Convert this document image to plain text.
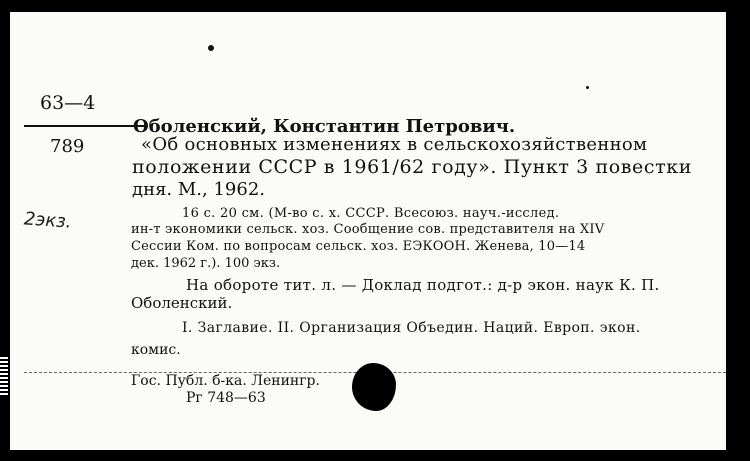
63—4
789
Оболенский, Константин Петрович.
«Об основных изменениях в сельскохозяйственном
положении СССР в 1961/62 году». Пункт 3 повестки
дня. М., 1962.
16 с. 20 см. (М-во с. х. СССР. Всесоюз. науч.-исслед.
ин-т экономики сельск. хоз. Сообщение сов. представителя на XIV
Сессии Ком. по вопросам сельск. хоз. ЕЭКООН. Женева, 10—14
дек. 1962 г.). 100 экз.
На обороте тит. л. — Доклад подгот.: д-р экон. наук К. П.
Оболенский.
I. Заглавие. II. Организация Объедин. Наций. Европ. экон.
комис.
Гос. Публ. б-ка. Ленингр.
Рг 748—63
2экз.
